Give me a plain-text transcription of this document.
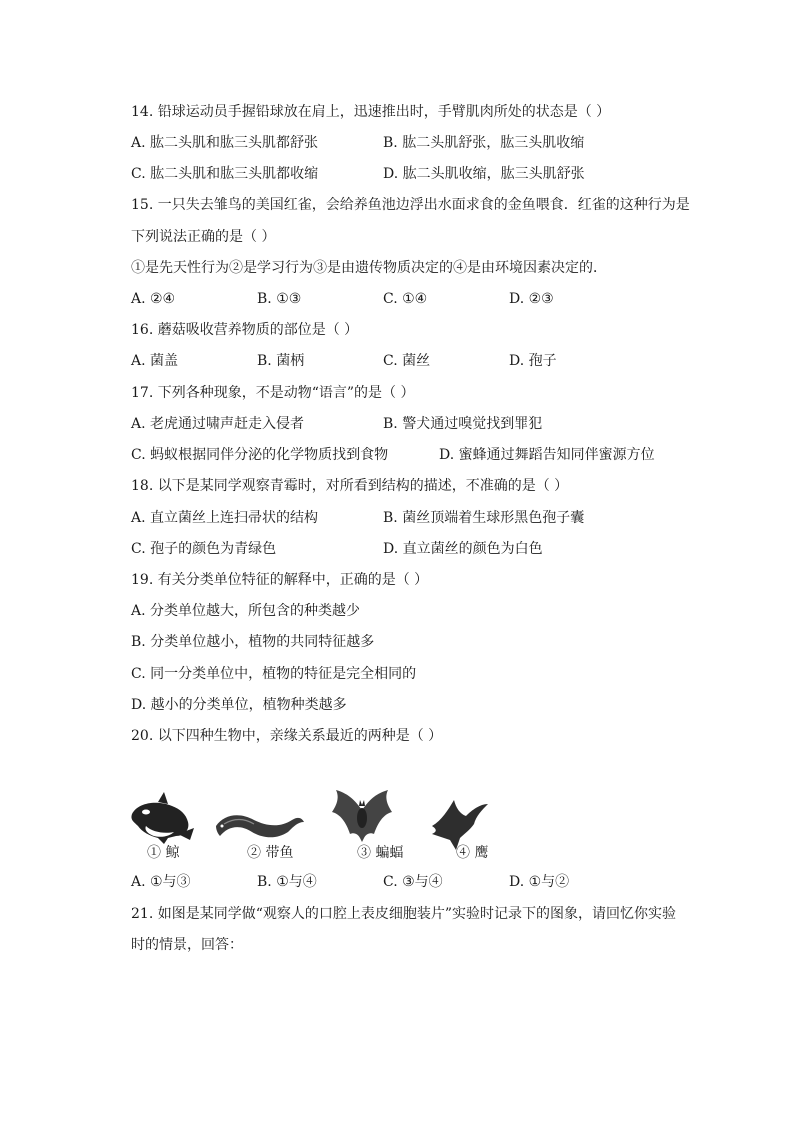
14. 铅球运动员手握铅球放在肩上，迅速推出时，手臂肌肉所处的状态是（ ）
A. 肱二头肌和肱三头肌都舒张	B. 肱二头肌舒张，肱三头肌收缩
C. 肱二头肌和肱三头肌都收缩	D. 肱二头肌收缩，肱三头肌舒张
15. 一只失去雏鸟的美国红雀，会给养鱼池边浮出水面求食的金鱼喂食．红雀的这种行为是
下列说法正确的是（ ）
①是先天性行为②是学习行为③是由遗传物质决定的④是由环境因素决定的．
A. ②④	B. ①③	C. ①④	D. ②③
16. 蘑菇吸收营养物质的部位是（ ）
A. 菌盖	B. 菌柄	C. 菌丝	D. 孢子
17. 下列各种现象，不是动物“语言”的是（ ）
A. 老虎通过啸声赶走入侵者	B. 警犬通过嗅觉找到罪犯
C. 蚂蚁根据同伴分泌的化学物质找到食物	D. 蜜蜂通过舞蹈告知同伴蜜源方位
18. 以下是某同学观察青霉时，对所看到结构的描述，不准确的是（ ）
A. 直立菌丝上连扫帚状的结构	B. 菌丝顶端着生球形黑色孢子囊
C. 孢子的颜色为青绿色	D. 直立菌丝的颜色为白色
19. 有关分类单位特征的解释中，正确的是（ ）
A. 分类单位越大，所包含的种类越少
B. 分类单位越小，植物的共同特征越多
C. 同一分类单位中，植物的特征是完全相同的
D. 越小的分类单位，植物种类越多
20. 以下四种生物中，亲缘关系最近的两种是（ ）
① 鲸	② 带鱼	③ 蝙蝠	④ 鹰
A. ①与③	B. ①与④	C. ③与④	D. ①与②
21. 如图是某同学做“观察人的口腔上表皮细胞装片”实验时记录下的图象，请回忆你实验
时的情景，回答：
